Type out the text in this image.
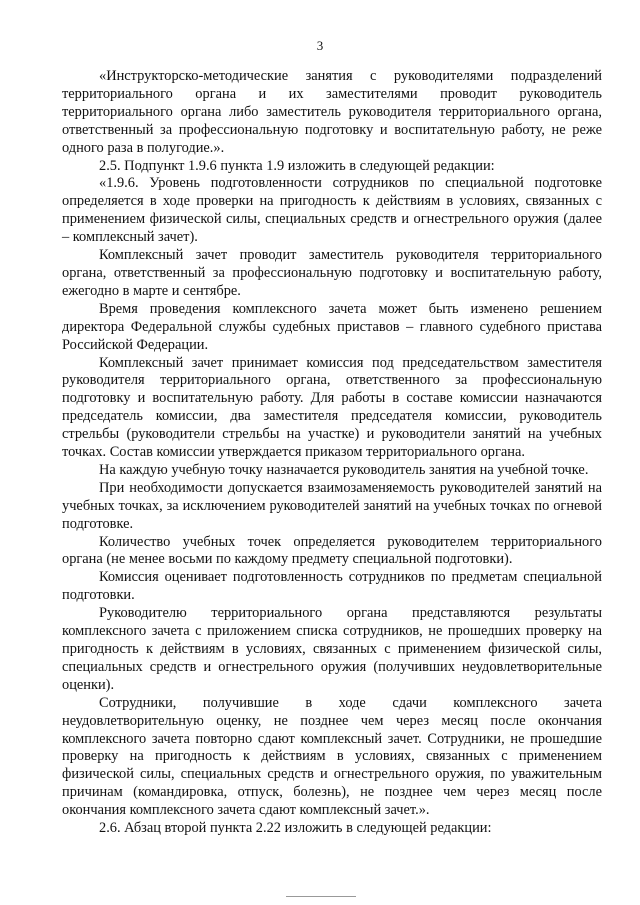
3

«Инструкторско-методические занятия с руководителями подразделений территориального органа и их заместителями проводит руководитель территориального органа либо заместитель руководителя территориального органа, ответственный за профессиональную подготовку и воспитательную работу, не реже одного раза в полугодие.».

2.5. Подпункт 1.9.6 пункта 1.9 изложить в следующей редакции:

«1.9.6. Уровень подготовленности сотрудников по специальной подготовке определяется в ходе проверки на пригодность к действиям в условиях, связанных с применением физической силы, специальных средств и огнестрельного оружия (далее – комплексный зачет).

Комплексный зачет проводит заместитель руководителя территориального органа, ответственный за профессиональную подготовку и воспитательную работу, ежегодно в марте и сентябре.

Время проведения комплексного зачета может быть изменено решением директора Федеральной службы судебных приставов – главного судебного пристава Российской Федерации.

Комплексный зачет принимает комиссия под председательством заместителя руководителя территориального органа, ответственного за профессиональную подготовку и воспитательную работу. Для работы в составе комиссии назначаются председатель комиссии, два заместителя председателя комиссии, руководитель стрельбы (руководители стрельбы на участке) и руководители занятий на учебных точках. Состав комиссии утверждается приказом территориального органа.

На каждую учебную точку назначается руководитель занятия на учебной точке.

При необходимости допускается взаимозаменяемость руководителей занятий на учебных точках, за исключением руководителей занятий на учебных точках по огневой подготовке.

Количество учебных точек определяется руководителем территориального органа (не менее восьми по каждому предмету специальной подготовки).

Комиссия оценивает подготовленность сотрудников по предметам специальной подготовки.

Руководителю территориального органа представляются результаты комплексного зачета с приложением списка сотрудников, не прошедших проверку на пригодность к действиям в условиях, связанных с применением физической силы, специальных средств и огнестрельного оружия (получивших неудовлетворительные оценки).

Сотрудники, получившие в ходе сдачи комплексного зачета неудовлетворительную оценку, не позднее чем через месяц после окончания комплексного зачета повторно сдают комплексный зачет. Сотрудники, не прошедшие проверку на пригодность к действиям в условиях, связанных с применением физической силы, специальных средств и огнестрельного оружия, по уважительным причинам (командировка, отпуск, болезнь), не позднее чем через месяц после окончания комплексного зачета сдают комплексный зачет.».

2.6. Абзац второй пункта 2.22 изложить в следующей редакции:
